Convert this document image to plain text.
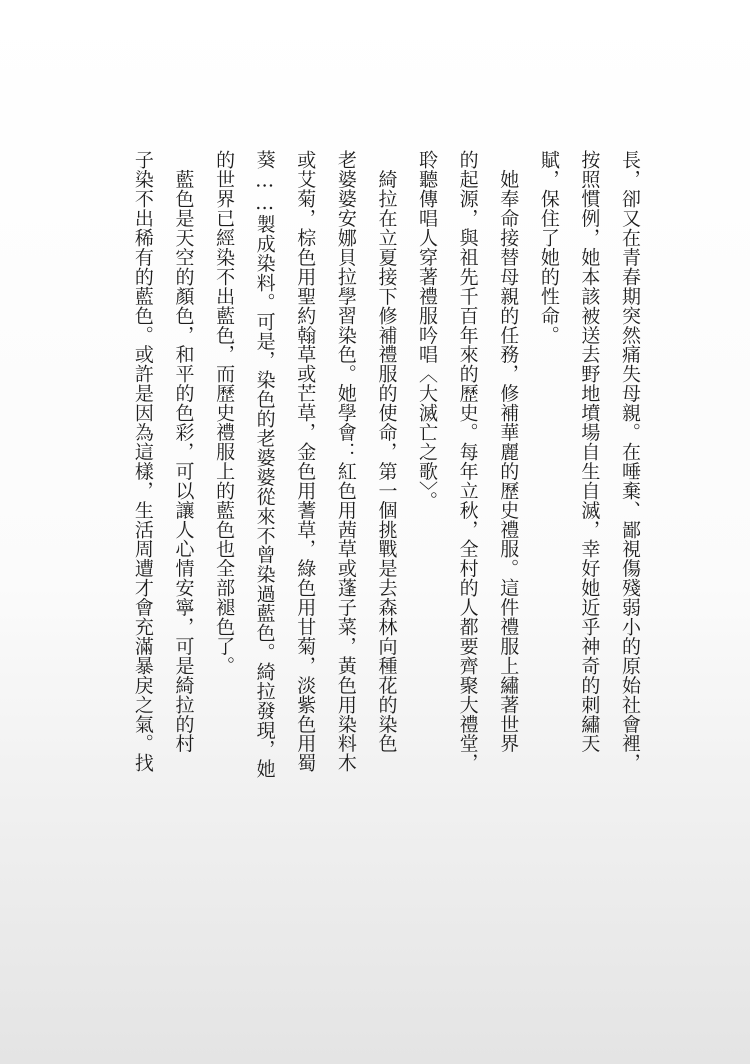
長，卻又在青春期突然痛失母親。在唾棄、鄙視傷殘弱小的原始社會裡，
按照慣例，她本該被送去野地墳場自生自滅，幸好她近乎神奇的刺繡天
賦，保住了她的性命。
　她奉命接替母親的任務，修補華麗的歷史禮服。這件禮服上繡著世界
的起源，與祖先千百年來的歷史。每年立秋，全村的人都要齊聚大禮堂，
聆聽傳唱人穿著禮服吟唱〈大滅亡之歌〉。
　綺拉在立夏接下修補禮服的使命，第一個挑戰是去森林向種花的染色
老婆婆安娜貝拉學習染色。她學會：紅色用茜草或蓬子菜，黃色用染料木
或艾菊，棕色用聖約翰草或芒草，金色用蓍草，綠色用甘菊，淡紫色用蜀
葵……製成染料。可是，染色的老婆婆從來不曾染過藍色。綺拉發現，她
的世界已經染不出藍色，而歷史禮服上的藍色也全部褪色了。
　藍色是天空的顏色，和平的色彩，可以讓人心情安寧，可是綺拉的村
子染不出稀有的藍色。或許是因為這樣，生活周遭才會充滿暴戾之氣。找
